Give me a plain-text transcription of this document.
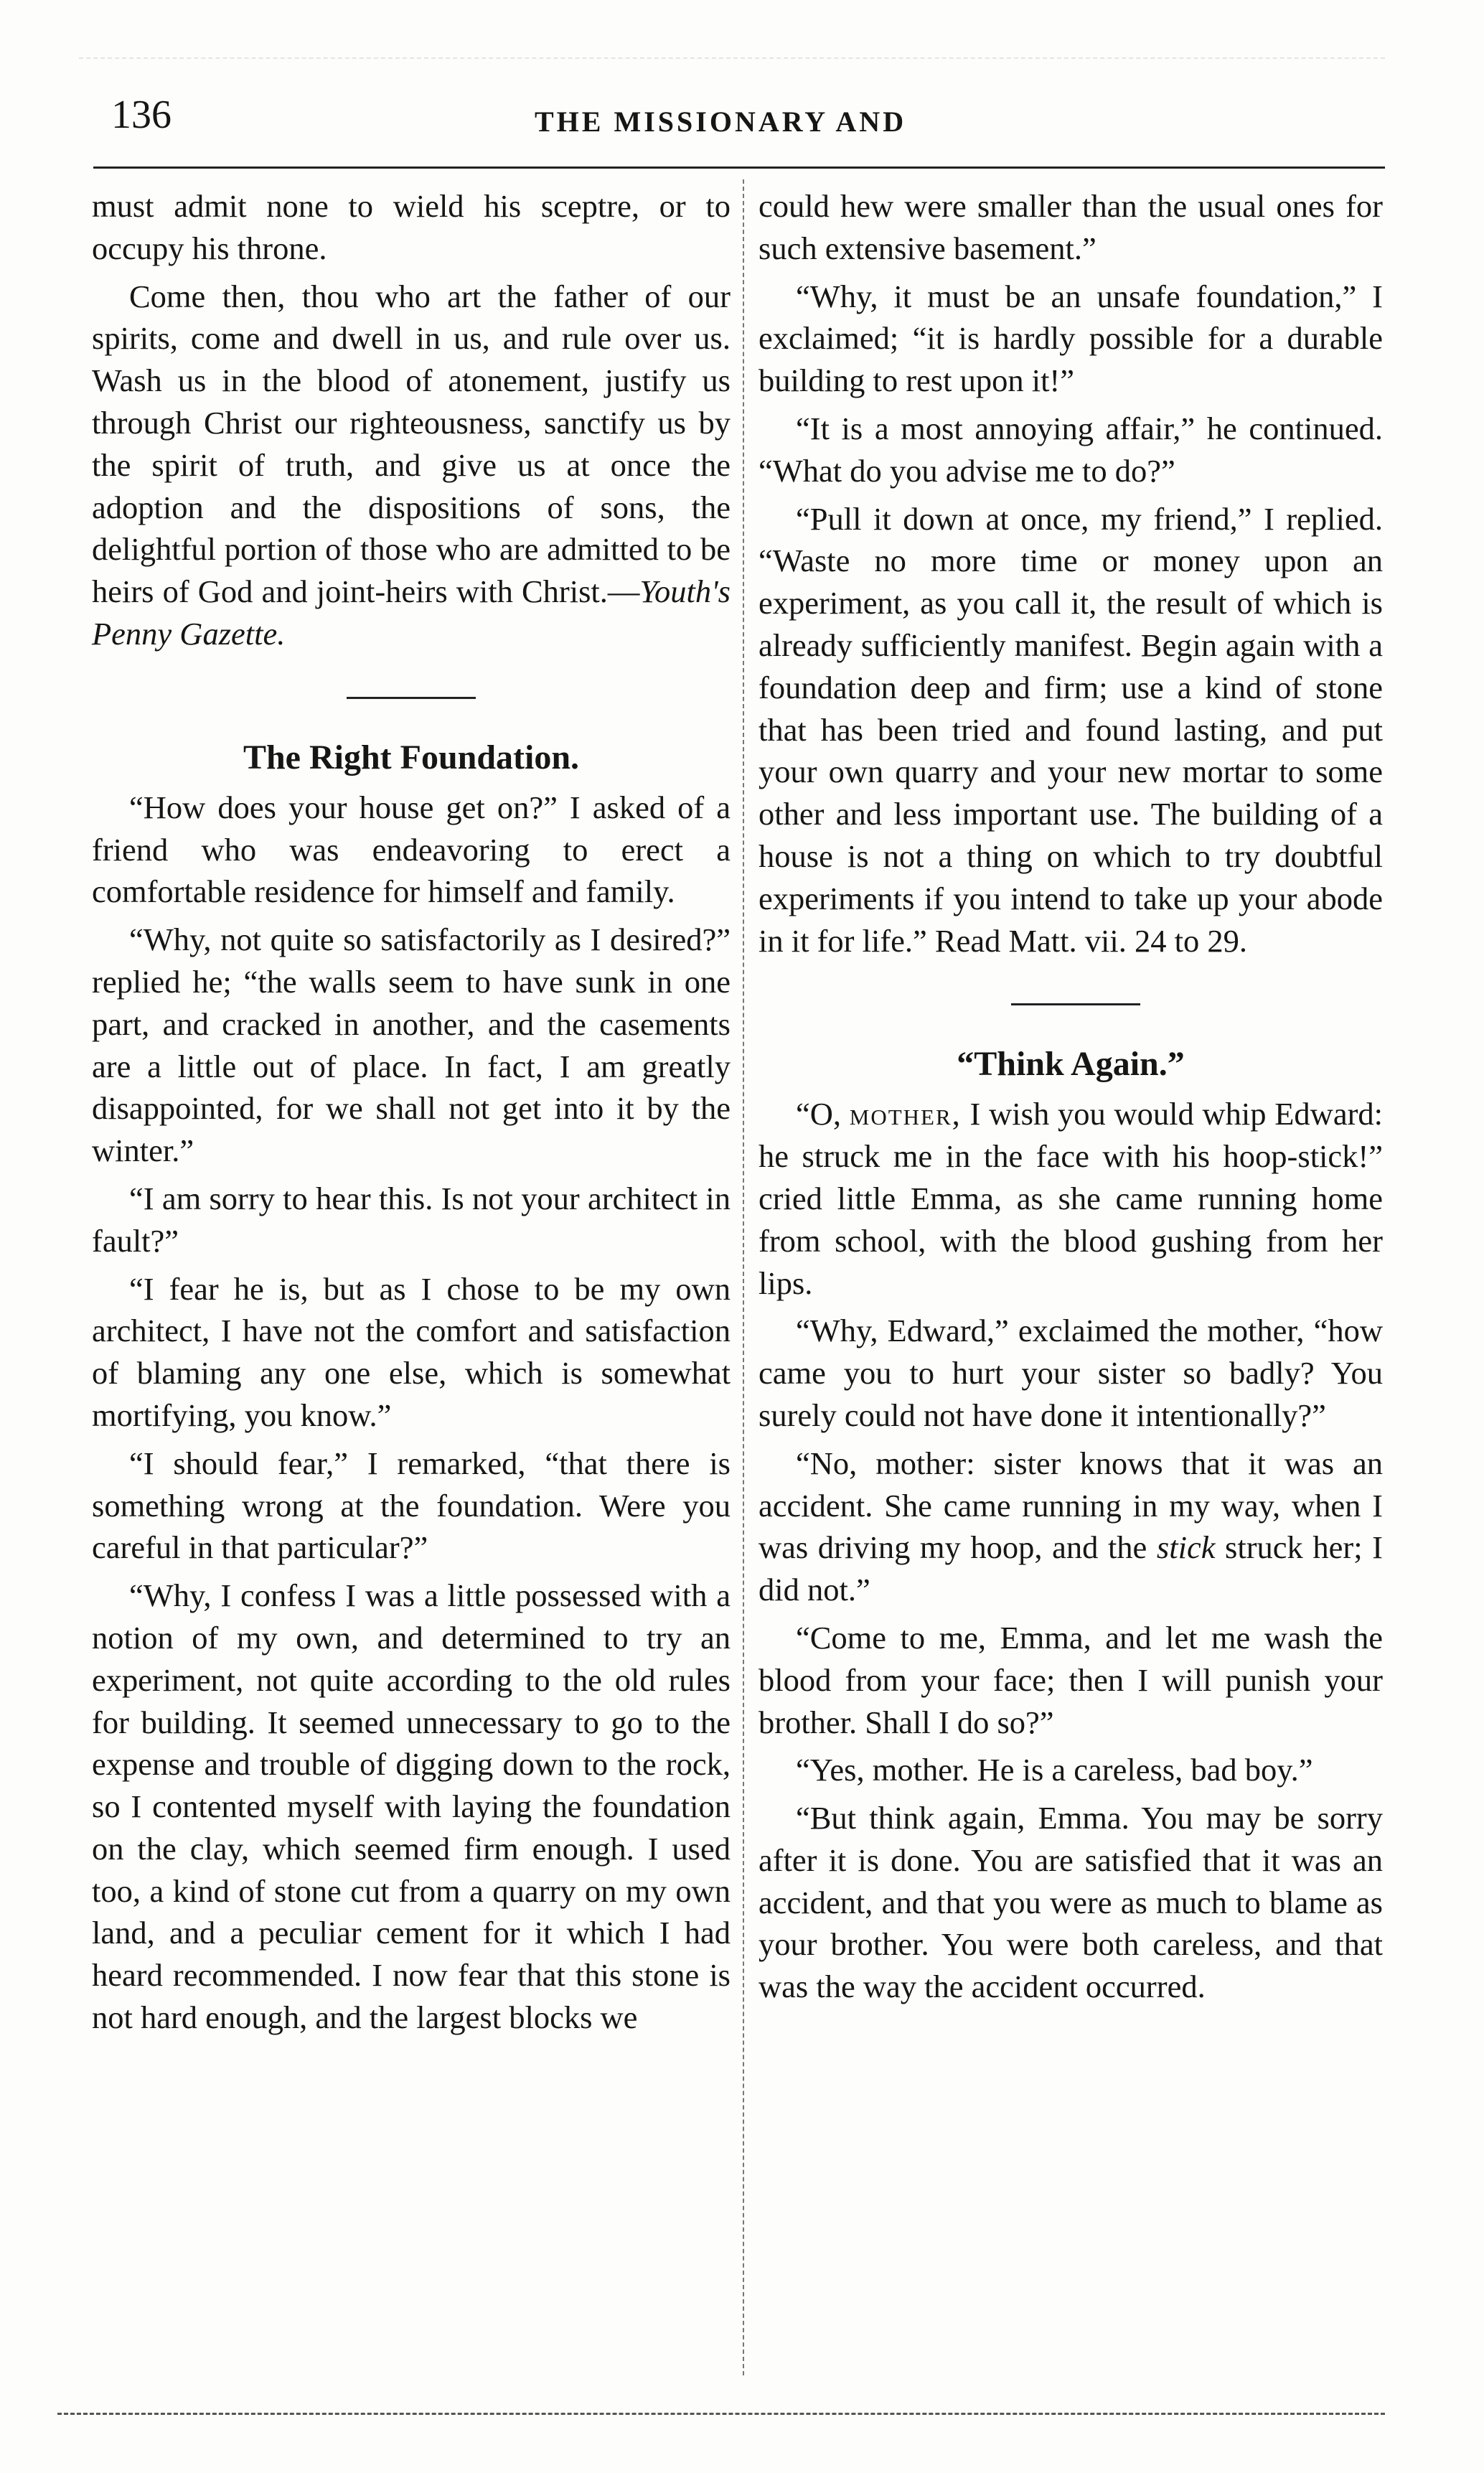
136	THE MISSIONARY AND

must admit none to wield his sceptre, or to occupy his throne.

Come then, thou who art the father of our spirits, come and dwell in us, and rule over us. Wash us in the blood of atonement, justify us through Christ our righteousness, sanctify us by the spirit of truth, and give us at once the adoption and the dispositions of sons, the delightful portion of those who are admitted to be heirs of God and joint-heirs with Christ.—Youth's Penny Gazette.

The Right Foundation.

“How does your house get on?” I asked of a friend who was endeavoring to erect a comfortable residence for himself and family.

“Why, not quite so satisfactorily as I desired?” replied he; “the walls seem to have sunk in one part, and cracked in another, and the casements are a little out of place. In fact, I am greatly disappointed, for we shall not get into it by the winter.”

“I am sorry to hear this. Is not your architect in fault?”

“I fear he is, but as I chose to be my own architect, I have not the comfort and satisfaction of blaming any one else, which is somewhat mortifying, you know.”

“I should fear,” I remarked, “that there is something wrong at the foundation. Were you careful in that particular?”

“Why, I confess I was a little possessed with a notion of my own, and determined to try an experiment, not quite according to the old rules for building. It seemed unnecessary to go to the expense and trouble of digging down to the rock, so I contented myself with laying the foundation on the clay, which seemed firm enough. I used too, a kind of stone cut from a quarry on my own land, and a peculiar cement for it which I had heard recommended. I now fear that this stone is not hard enough, and the largest blocks we

could hew were smaller than the usual ones for such extensive basement.”

“Why, it must be an unsafe foundation,” I exclaimed; “it is hardly possible for a durable building to rest upon it!”

“It is a most annoying affair,” he continued. “What do you advise me to do?”

“Pull it down at once, my friend,” I replied. “Waste no more time or money upon an experiment, as you call it, the result of which is already sufficiently manifest. Begin again with a foundation deep and firm; use a kind of stone that has been tried and found lasting, and put your own quarry and your new mortar to some other and less important use. The building of a house is not a thing on which to try doubtful experiments if you intend to take up your abode in it for life.” Read Matt. vii. 24 to 29.

“Think Again.”

“O, mother, I wish you would whip Edward: he struck me in the face with his hoop-stick!” cried little Emma, as she came running home from school, with the blood gushing from her lips.

“Why, Edward,” exclaimed the mother, “how came you to hurt your sister so badly? You surely could not have done it intentionally?”

“No, mother: sister knows that it was an accident. She came running in my way, when I was driving my hoop, and the stick struck her; I did not.”

“Come to me, Emma, and let me wash the blood from your face; then I will punish your brother. Shall I do so?”

“Yes, mother. He is a careless, bad boy.”

“But think again, Emma. You may be sorry after it is done. You are satisfied that it was an accident, and that you were as much to blame as your brother. You were both careless, and that was the way the accident occurred.
